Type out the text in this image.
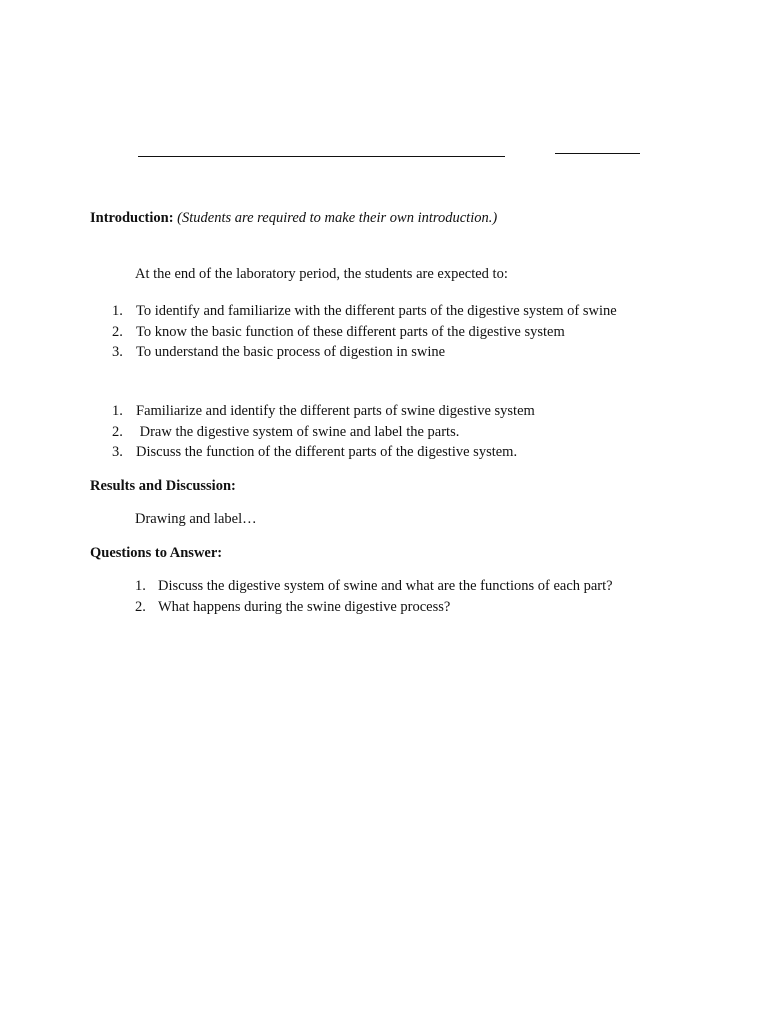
Introduction: (Students are required to make their own introduction.)
At the end of the laboratory period, the students are expected to:
1. To identify and familiarize with the different parts of the digestive system of swine
2. To know the basic function of these different parts of the digestive system
3. To understand the basic process of digestion in swine
1. Familiarize and identify the different parts of swine digestive system
2. Draw the digestive system of swine and label the parts.
3. Discuss the function of the different parts of the digestive system.
Results and Discussion:
Drawing and label…
Questions to Answer:
1. Discuss the digestive system of swine and what are the functions of each part?
2. What happens during the swine digestive process?
